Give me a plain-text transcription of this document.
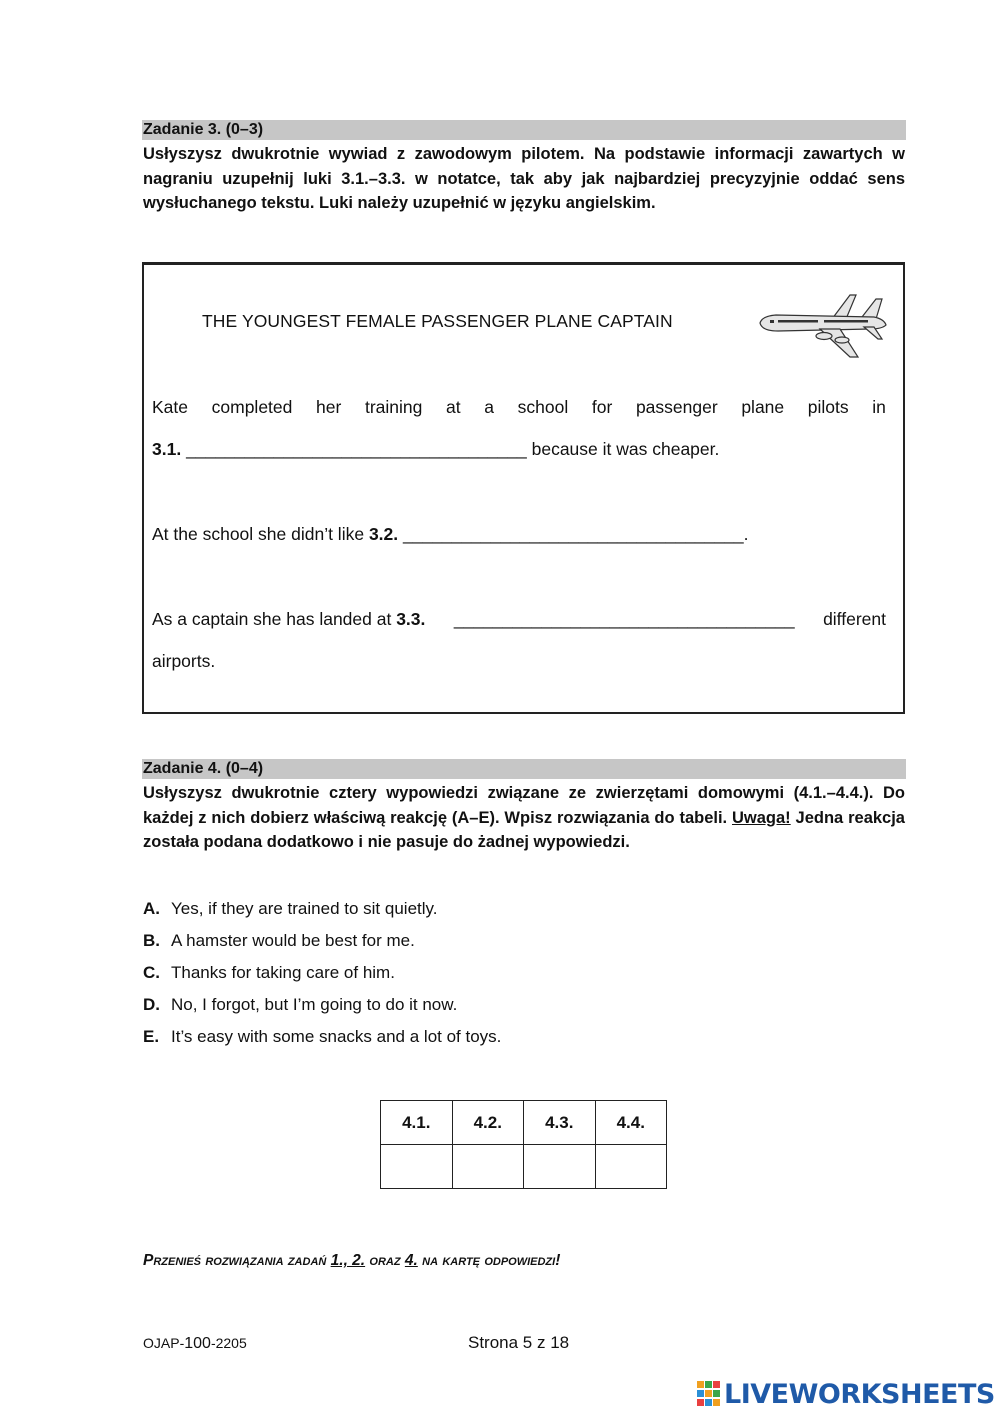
Zadanie 3. (0–3)
Usłyszysz dwukrotnie wywiad z zawodowym pilotem. Na podstawie informacji zawartych w nagraniu uzupełnij luki 3.1.–3.3. w notatce, tak aby jak najbardziej precyzyjnie oddać sens wysłuchanego tekstu. Luki należy uzupełnić w języku angielskim.
THE YOUNGEST FEMALE PASSENGER PLANE CAPTAIN
Kate completed her training at a school for passenger plane pilots in
3.1. ___________________________________ because it was cheaper.
At the school she didn’t like 3.2. ___________________________________.
As a captain she has landed at 3.3. ___________________________________ different
airports.
Zadanie 4. (0–4)
Usłyszysz dwukrotnie cztery wypowiedzi związane ze zwierzętami domowymi (4.1.–4.4.). Do każdej z nich dobierz właściwą reakcję (A–E). Wpisz rozwiązania do tabeli. Uwaga! Jedna reakcja została podana dodatkowo i nie pasuje do żadnej wypowiedzi.
A. Yes, if they are trained to sit quietly.
B. A hamster would be best for me.
C. Thanks for taking care of him.
D. No, I forgot, but I’m going to do it now.
E. It’s easy with some snacks and a lot of toys.
4.1.	4.2.	4.3.	4.4.

Przenieś rozwiązania zadań 1., 2. oraz 4. na kartę odpowiedzi!
OJAP-100-2205	Strona 5 z 18
LIVEWORKSHEETS
